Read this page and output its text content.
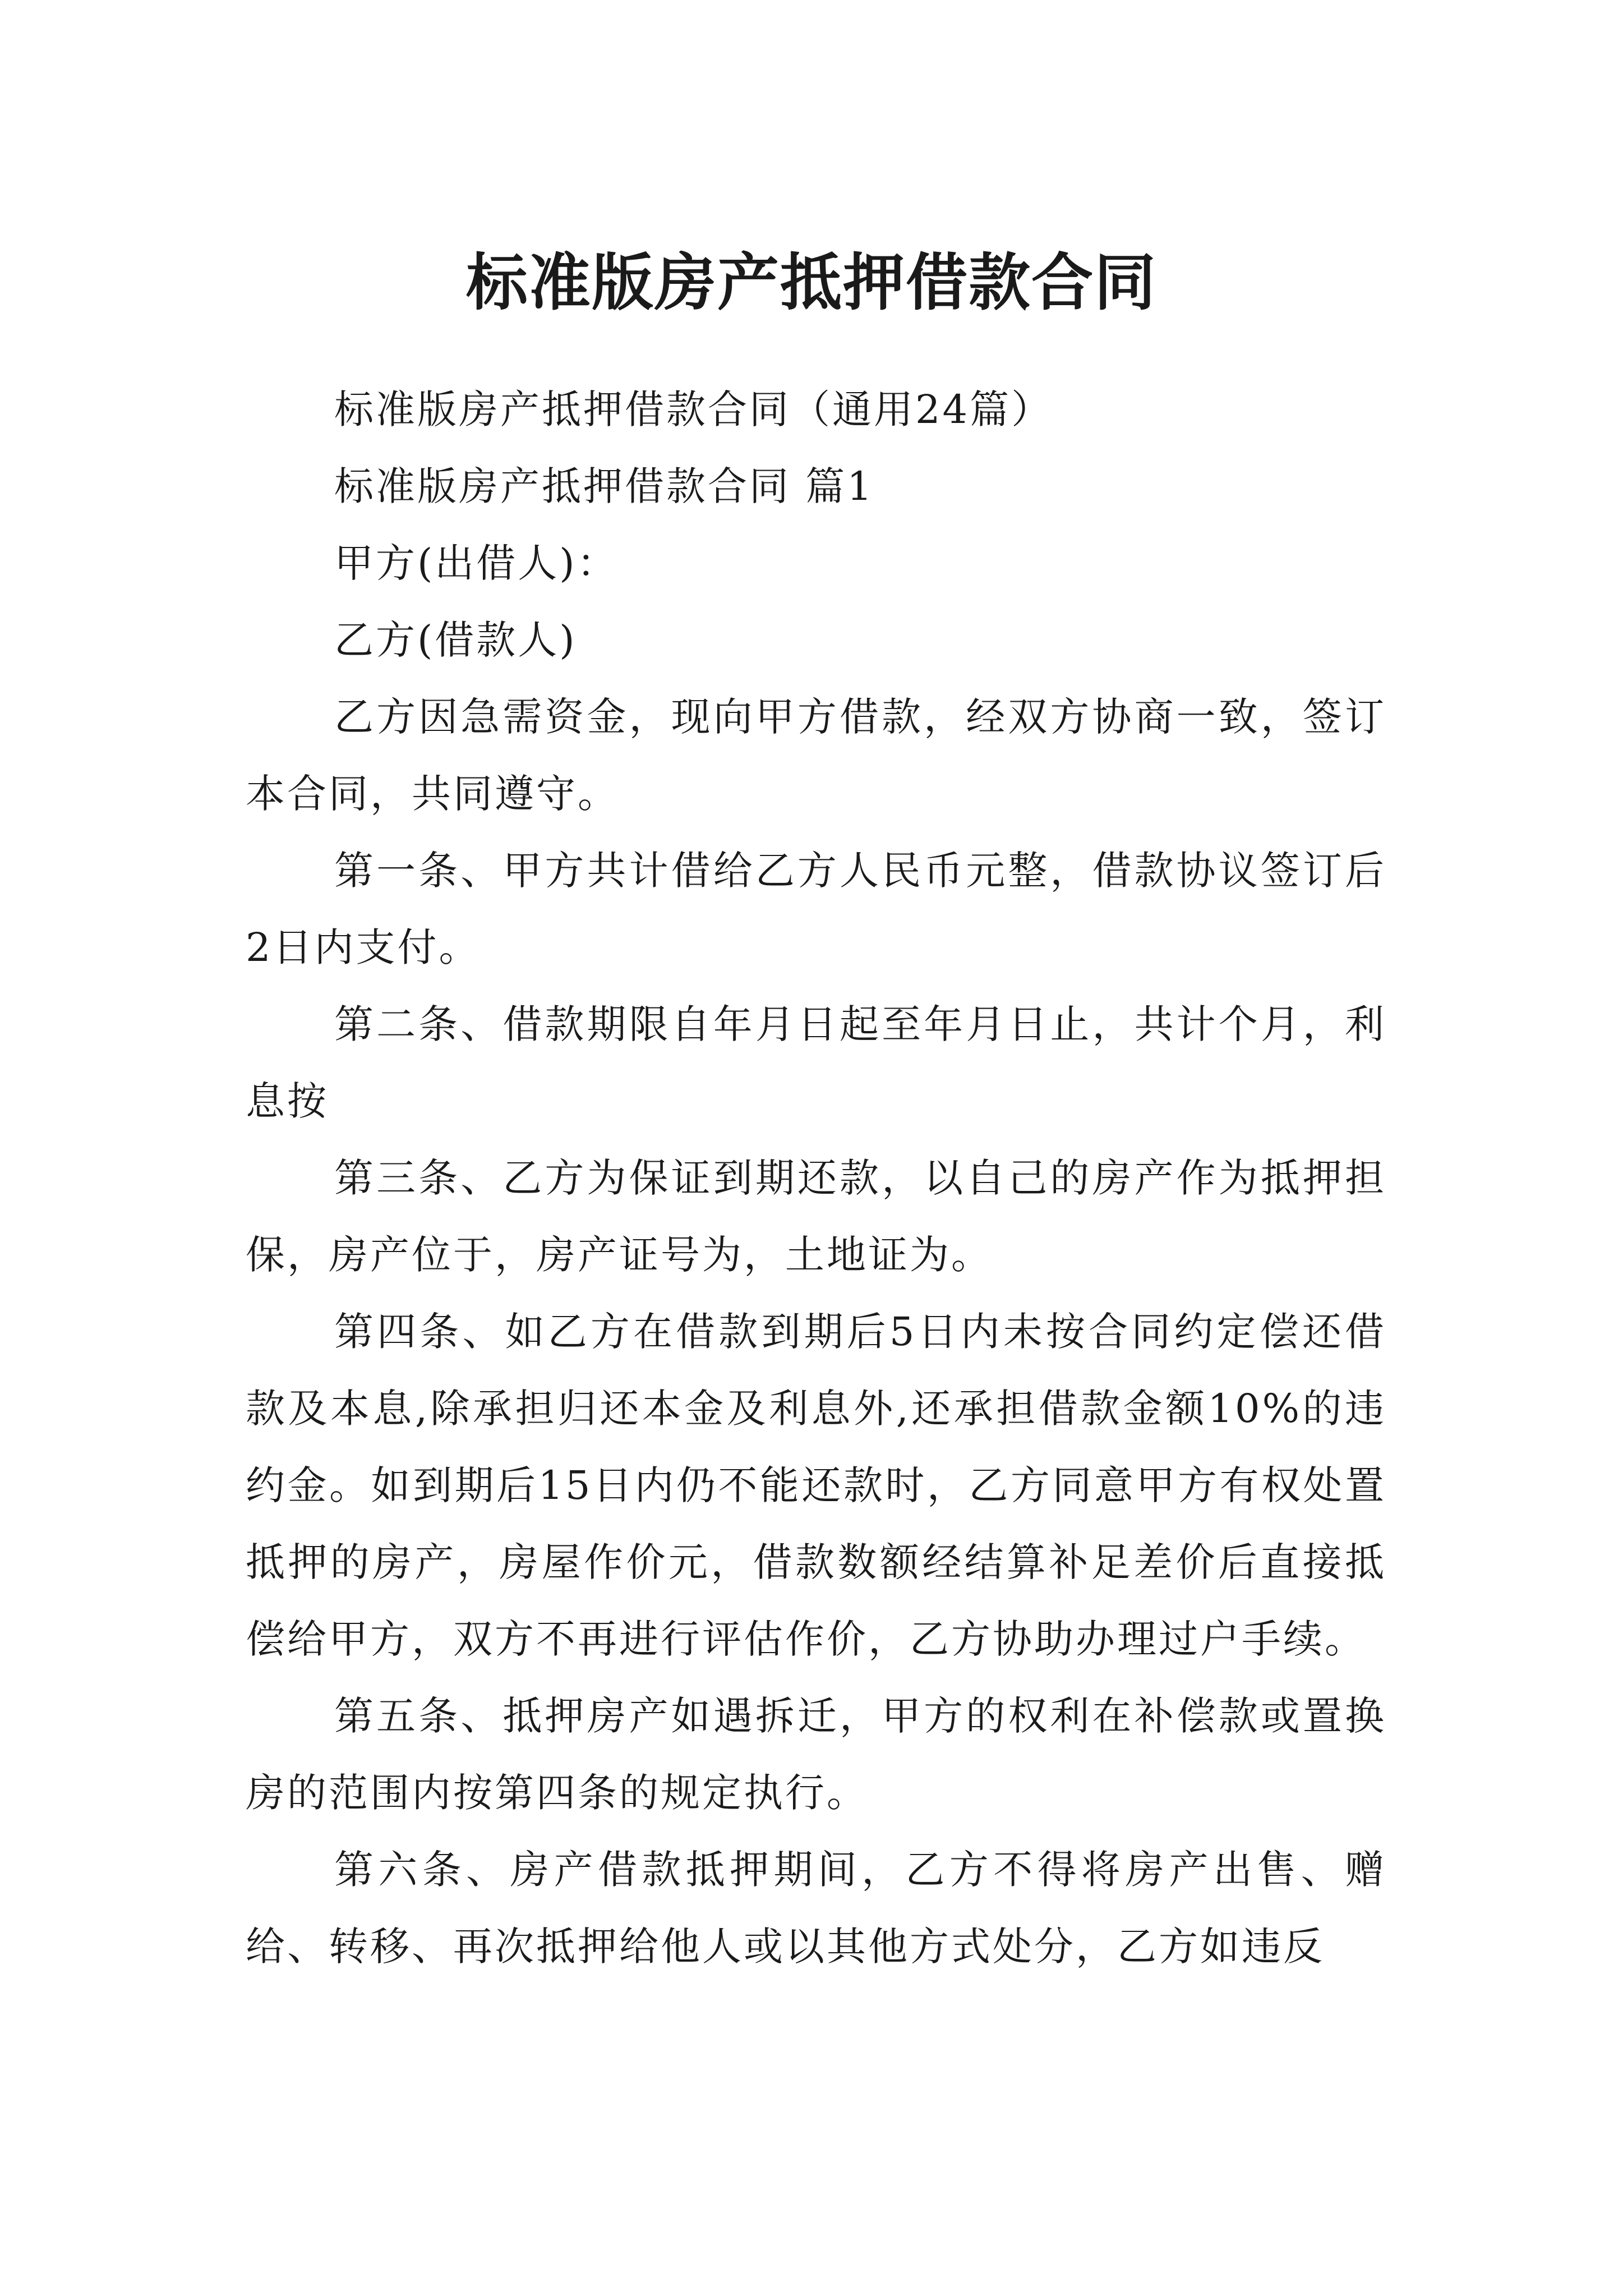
标准版房产抵押借款合同

标准版房产抵押借款合同（通用24篇）

标准版房产抵押借款合同 篇1

甲方(出借人)：

乙方(借款人)

乙方因急需资金，现向甲方借款，经双方协商一致，签订本合同，共同遵守。

第一条、甲方共计借给乙方人民币元整，借款协议签订后2日内支付。

第二条、借款期限自年月日起至年月日止，共计个月，利息按

第三条、乙方为保证到期还款，以自己的房产作为抵押担保，房产位于，房产证号为，土地证为。

第四条、如乙方在借款到期后5日内未按合同约定偿还借款及本息,除承担归还本金及利息外,还承担借款金额10%的违约金。如到期后15日内仍不能还款时，乙方同意甲方有权处置抵押的房产，房屋作价元，借款数额经结算补足差价后直接抵偿给甲方，双方不再进行评估作价，乙方协助办理过户手续。

第五条、抵押房产如遇拆迁，甲方的权利在补偿款或置换房的范围内按第四条的规定执行。

第六条、房产借款抵押期间，乙方不得将房产出售、赠给、转移、再次抵押给他人或以其他方式处分，乙方如违反
